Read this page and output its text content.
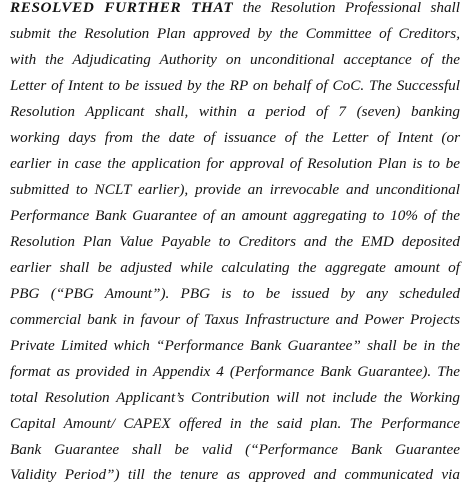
RESOLVED FURTHER THAT the Resolution Professional shall
submit the Resolution Plan approved by the Committee of Creditors,
with the Adjudicating Authority on unconditional acceptance of the
Letter of Intent to be issued by the RP on behalf of CoC. The Successful
Resolution Applicant shall, within a period of 7 (seven) banking
working days from the date of issuance of the Letter of Intent (or
earlier in case the application for approval of Resolution Plan is to be
submitted to NCLT earlier), provide an irrevocable and unconditional
Performance Bank Guarantee of an amount aggregating to 10% of the
Resolution Plan Value Payable to Creditors and the EMD deposited
earlier shall be adjusted while calculating the aggregate amount of
PBG (“PBG Amount”). PBG is to be issued by any scheduled
commercial bank in favour of Taxus Infrastructure and Power Projects
Private Limited which “Performance Bank Guarantee” shall be in the
format as provided in Appendix 4 (Performance Bank Guarantee). The
total Resolution Applicant’s Contribution will not include the Working
Capital Amount/ CAPEX offered in the said plan. The Performance
Bank Guarantee shall be valid (“Performance Bank Guarantee
Validity Period”) till the tenure as approved and communicated via
